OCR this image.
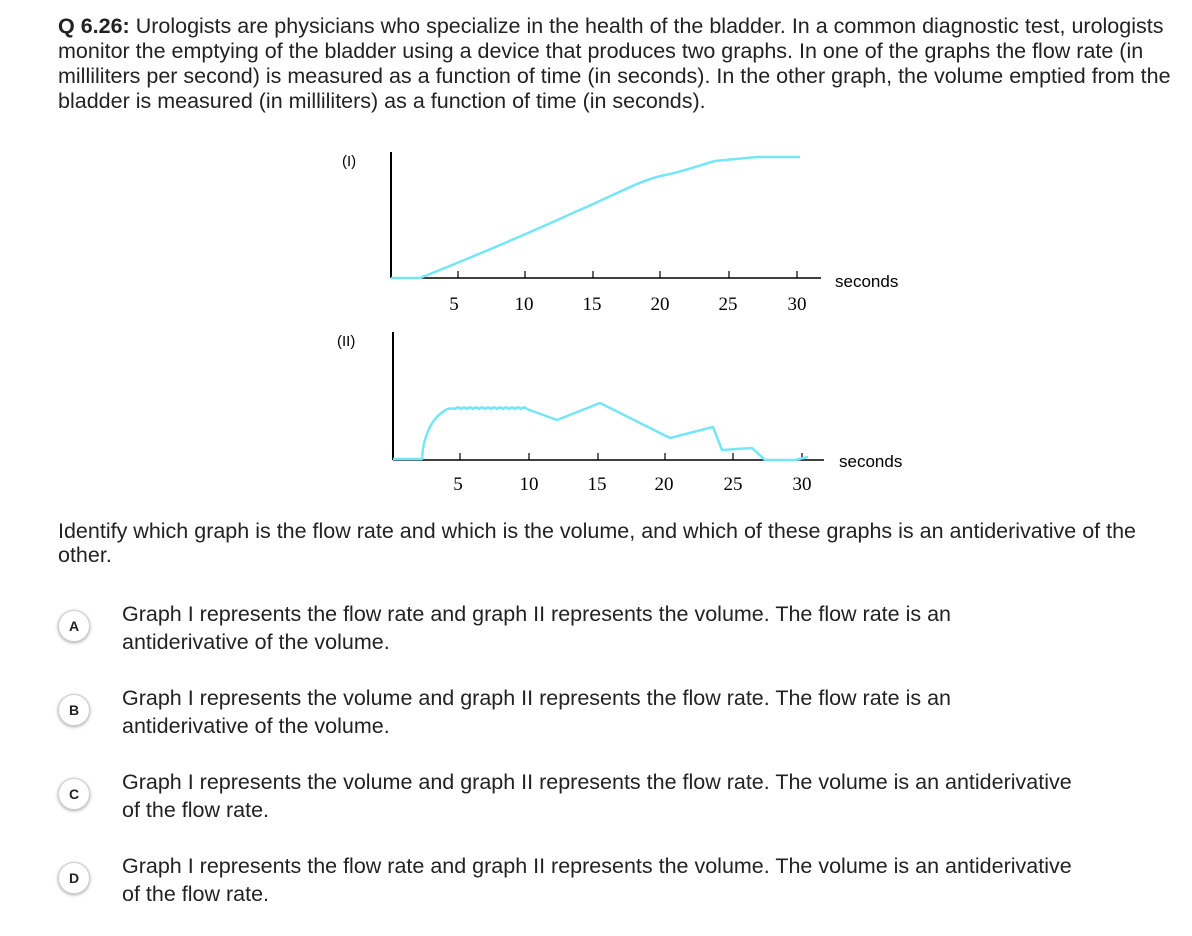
Q 6.26: Urologists are physicians who specialize in the health of the bladder. In a common diagnostic test, urologists monitor the emptying of the bladder using a device that produces two graphs. In one of the graphs the flow rate (in milliliters per second) is measured as a function of time (in seconds). In the other graph, the volume emptied from the bladder is measured (in milliliters) as a function of time (in seconds).

(I)
5	10	15	20	25	30
seconds
(II)
5	10	15	20	25	30
seconds

Identify which graph is the flow rate and which is the volume, and which of these graphs is an antiderivative of the other.

A	Graph I represents the flow rate and graph II represents the volume. The flow rate is an antiderivative of the volume.
B	Graph I represents the volume and graph II represents the flow rate. The flow rate is an antiderivative of the volume.
C	Graph I represents the volume and graph II represents the flow rate. The volume is an antiderivative of the flow rate.
D	Graph I represents the flow rate and graph II represents the volume. The volume is an antiderivative of the flow rate.
